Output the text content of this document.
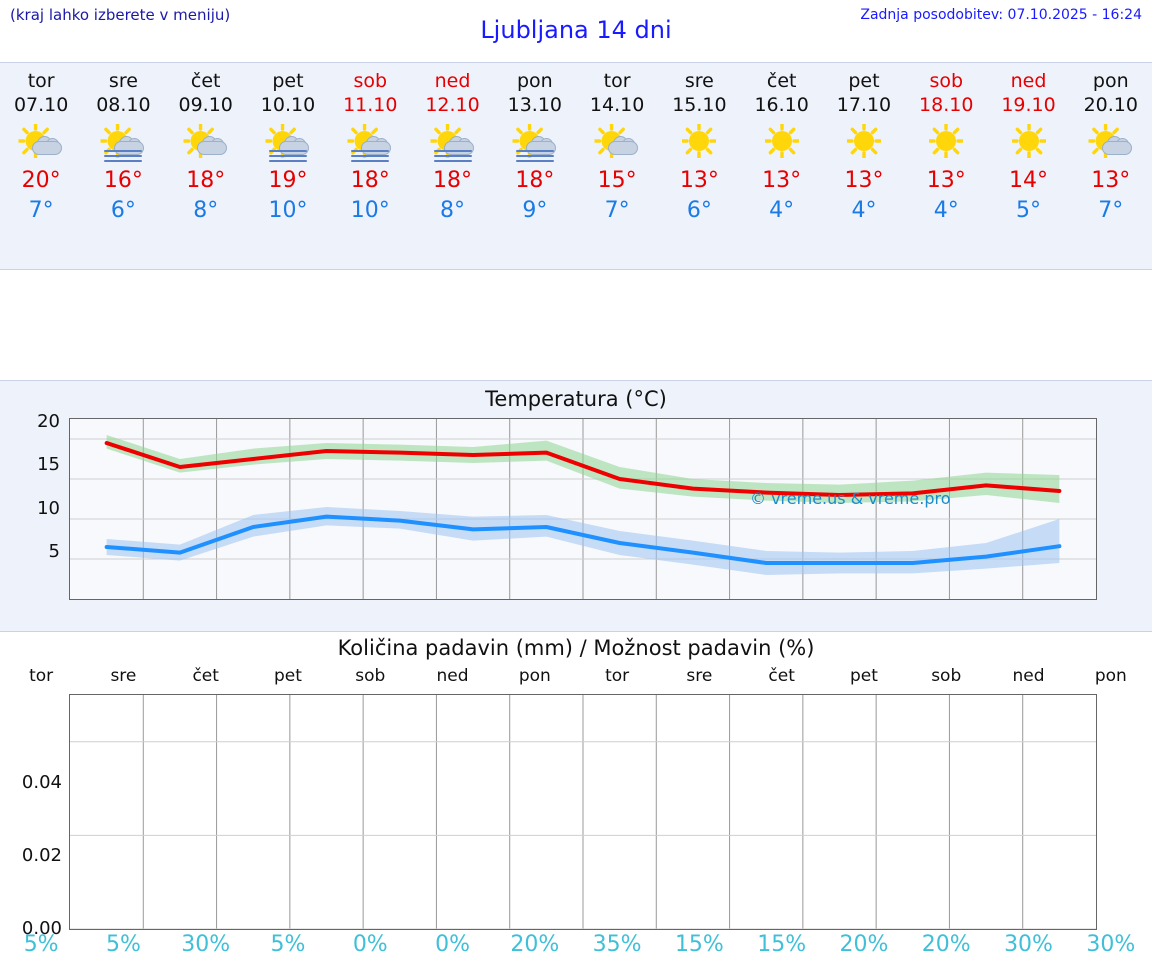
(kraj lahko izberete v meniju)
Ljubljana 14 dni
Zadnja posodobitev: 07.10.2025 - 16:24
tor
07.10
20°
7°
sre
08.10
16°
6°
čet
09.10
18°
8°
pet
10.10
19°
10°
sob
11.10
18°
10°
ned
12.10
18°
8°
pon
13.10
18°
9°
tor
14.10
15°
7°
sre
15.10
13°
6°
čet
16.10
13°
4°
pet
17.10
13°
4°
sob
18.10
13°
4°
ned
19.10
14°
5°
pon
20.10
13°
7°
Temperatura (°C)
20
15
10
5
© vreme.us & vreme.pro
Količina padavin (mm) / Možnost padavin (%)
tor	sre	čet	pet	sob	ned	pon	tor	sre	čet	pet	sob	ned	pon
0.04
0.02
0.00
5%	5%	30%	5%	0%	0%	20%	35%	15%	15%	20%	20%	30%	30%
